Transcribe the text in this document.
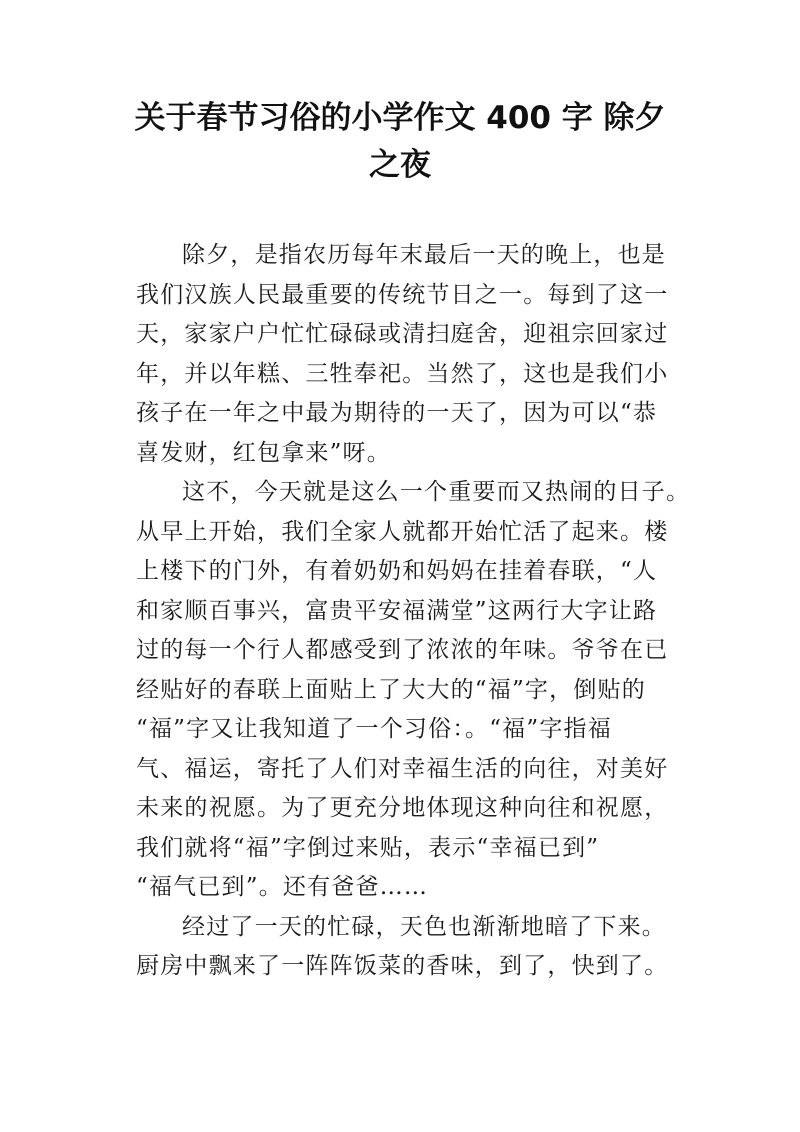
关于春节习俗的小学作文 400 字 除夕
之夜

除夕，是指农历每年末最后一天的晚上，也是
我们汉族人民最重要的传统节日之一。每到了这一
天，家家户户忙忙碌碌或清扫庭舍，迎祖宗回家过
年，并以年糕、三牲奉祀。当然了，这也是我们小
孩子在一年之中最为期待的一天了，因为可以“恭
喜发财，红包拿来”呀。

这不，今天就是这么一个重要而又热闹的日子。
从早上开始，我们全家人就都开始忙活了起来。楼
上楼下的门外，有着奶奶和妈妈在挂着春联，“人
和家顺百事兴，富贵平安福满堂”这两行大字让路
过的每一个行人都感受到了浓浓的年味。爷爷在已
经贴好的春联上面贴上了大大的“福”字，倒贴的
“福”字又让我知道了一个习俗：。“福”字指福
气、福运，寄托了人们对幸福生活的向往，对美好
未来的祝愿。为了更充分地体现这种向往和祝愿，
我们就将“福”字倒过来贴，表示“幸福已到”
“福气已到”。还有爸爸……

经过了一天的忙碌，天色也渐渐地暗了下来。
厨房中飘来了一阵阵饭菜的香味，到了，快到了。
